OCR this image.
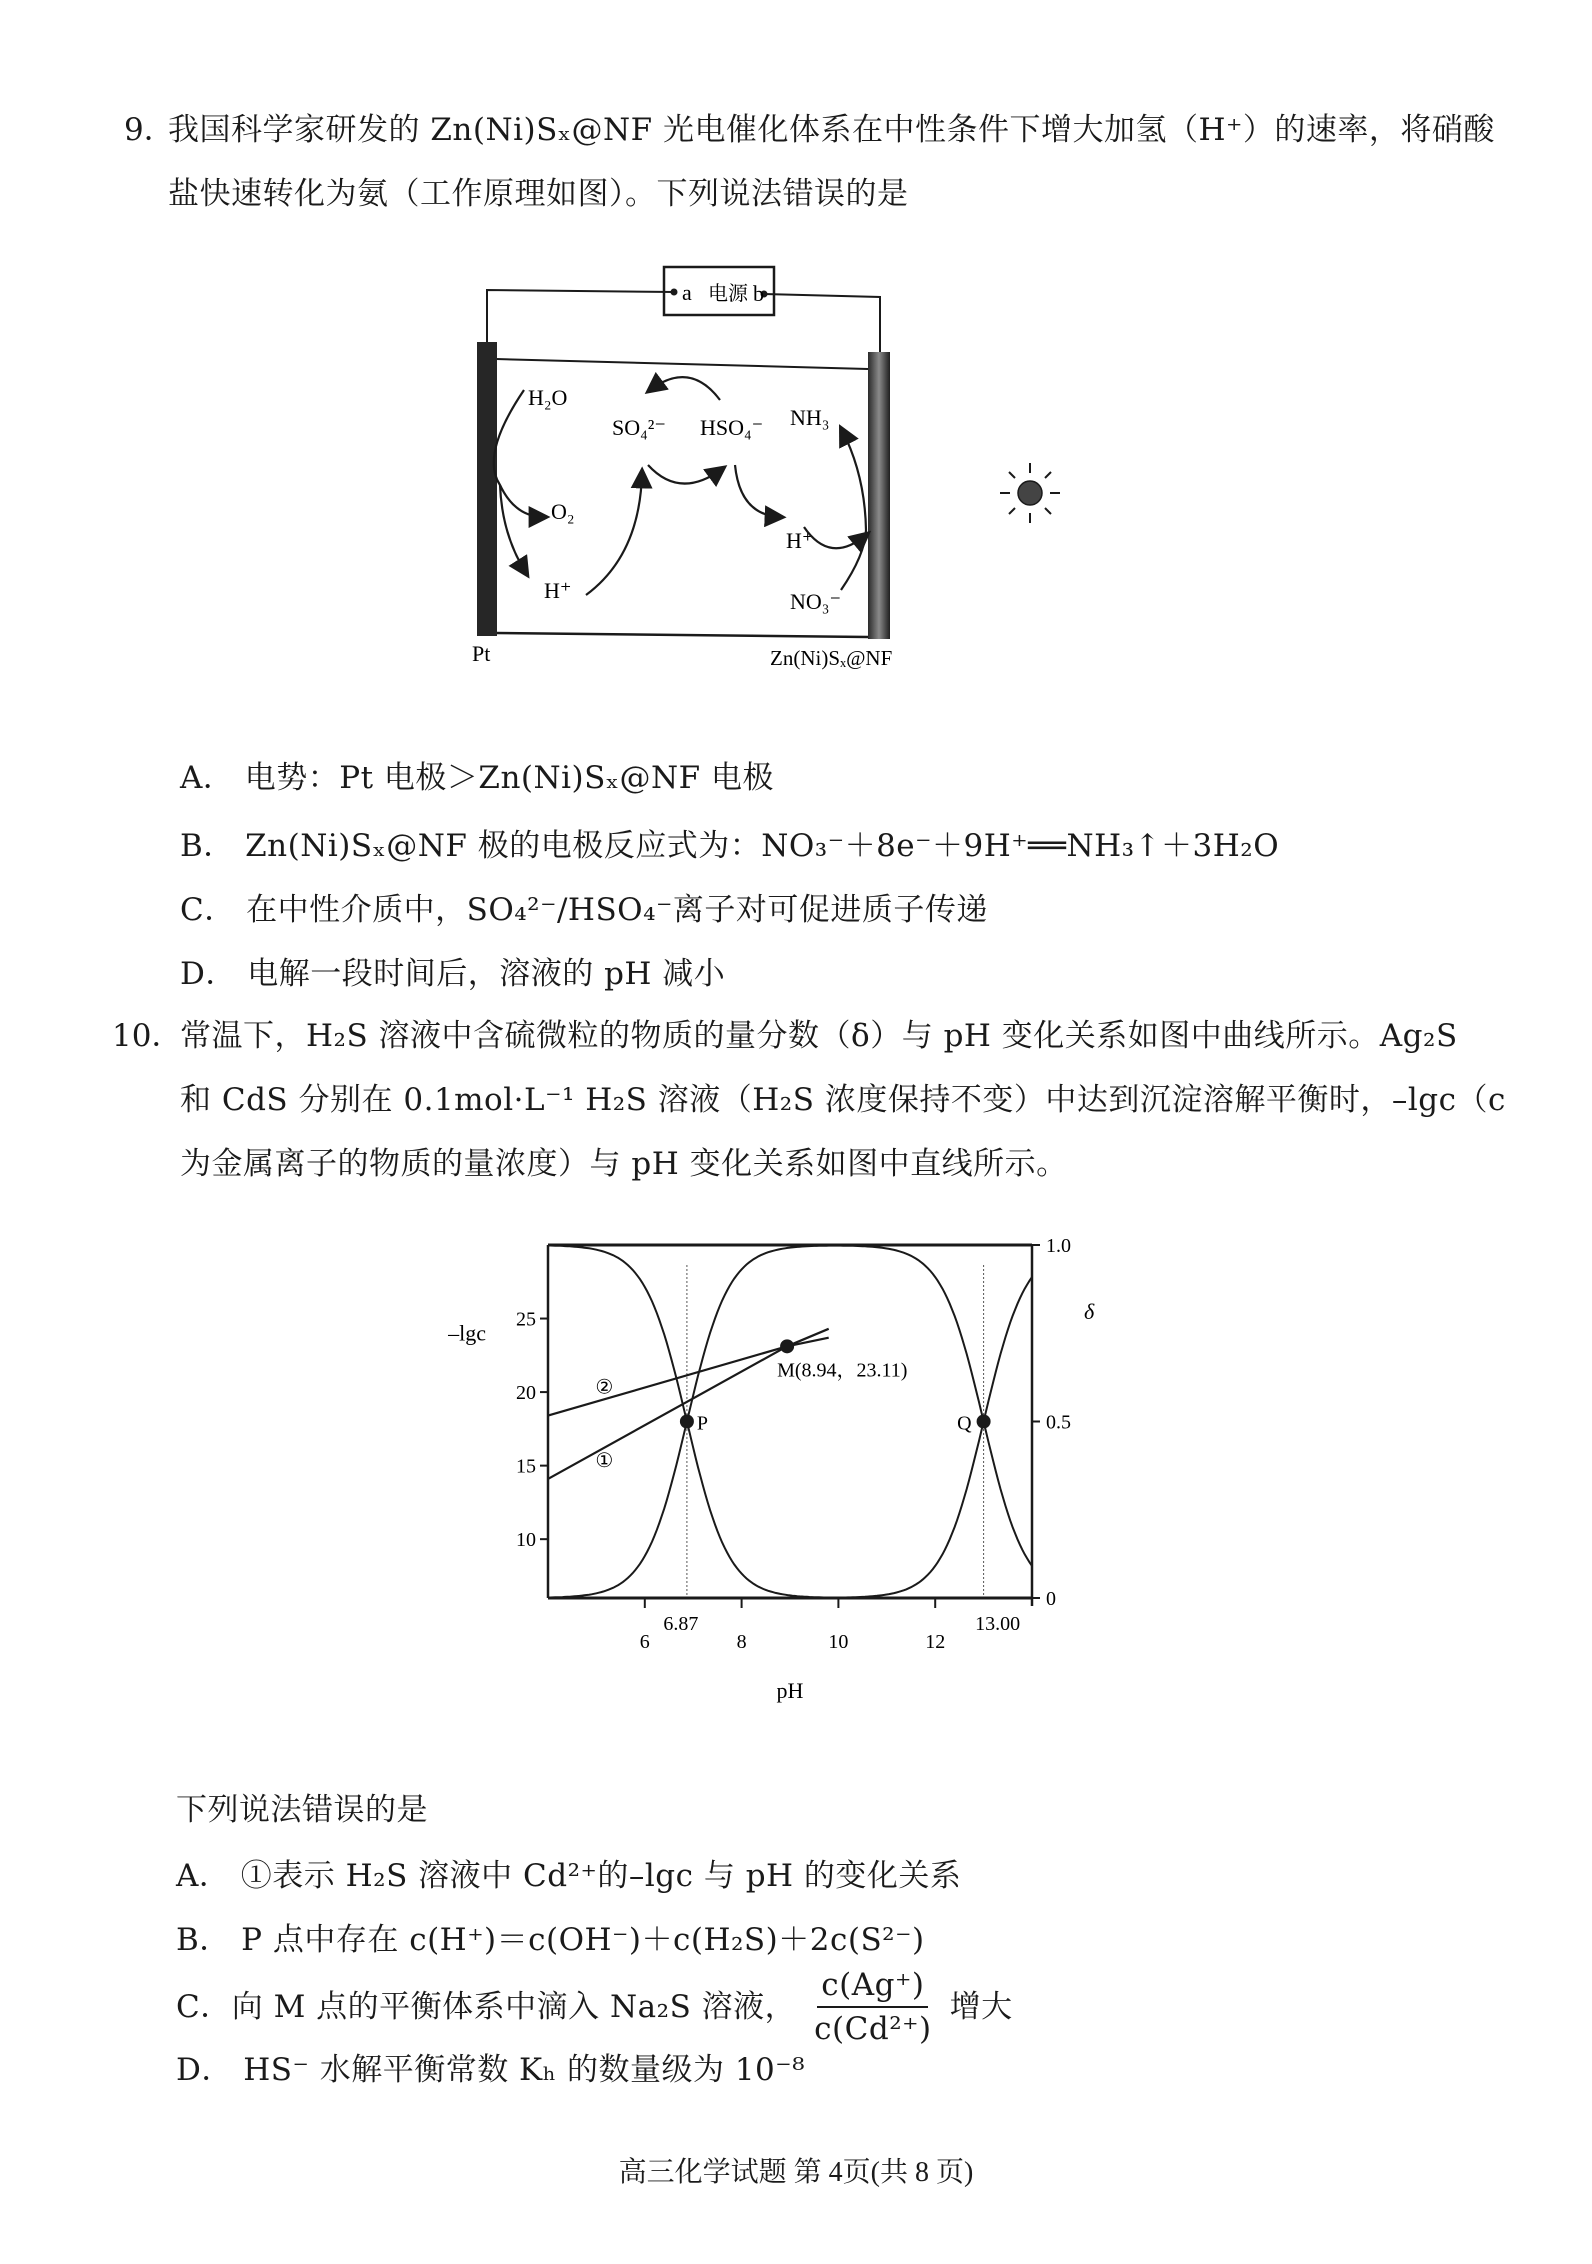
9．
我国科学家研发的 Zn(Ni)Sₓ@NF 光电催化体系在中性条件下增大加氢（H⁺）的速率，将硝酸
盐快速转化为氨（工作原理如图）。下列说法错误的是
a 电源 b
Pt	Zn(Ni)Sₓ@NF
H₂O
O₂
H⁺
SO₄²⁻ HSO₄⁻
H⁺
NH₃
NO₃⁻
A． 电势：Pt 电极＞Zn(Ni)Sₓ@NF 电极
B． Zn(Ni)Sₓ@NF 极的电极反应式为：NO₃⁻＋8e⁻＋9H⁺══NH₃↑＋3H₂O
C． 在中性介质中，SO₄²⁻/HSO₄⁻离子对可促进质子传递
D． 电解一段时间后，溶液的 pH 减小
10．
常温下，H₂S 溶液中含硫微粒的物质的量分数（δ）与 pH 变化关系如图中曲线所示。Ag₂S
和 CdS 分别在 0.1mol·L⁻¹ H₂S 溶液（H₂S 浓度保持不变）中达到沉淀溶解平衡时，–lgc（c
为金属离子的物质的量浓度）与 pH 变化关系如图中直线所示。
6	8	10	12
6.87	13.00
10
15
20
25
0
0.5
1.0
pH
–lgc
δ
①
②
P	Q
M(8.94，23.11)
下列说法错误的是
A． ①表示 H₂S 溶液中 Cd²⁺的–lgc 与 pH 的变化关系
B． P 点中存在 c(H⁺)＝c(OH⁻)＋c(H₂S)＋2c(S²⁻)
C． 向 M 点的平衡体系中滴入 Na₂S 溶液， $\frac{c(Ag^+)}{\text{c(Cd²⁺)}}$ 增大
D． HS⁻ 水解平衡常数 Kₕ 的数量级为 10⁻⁸
高三化学试题 第 4页(共 8 页)
